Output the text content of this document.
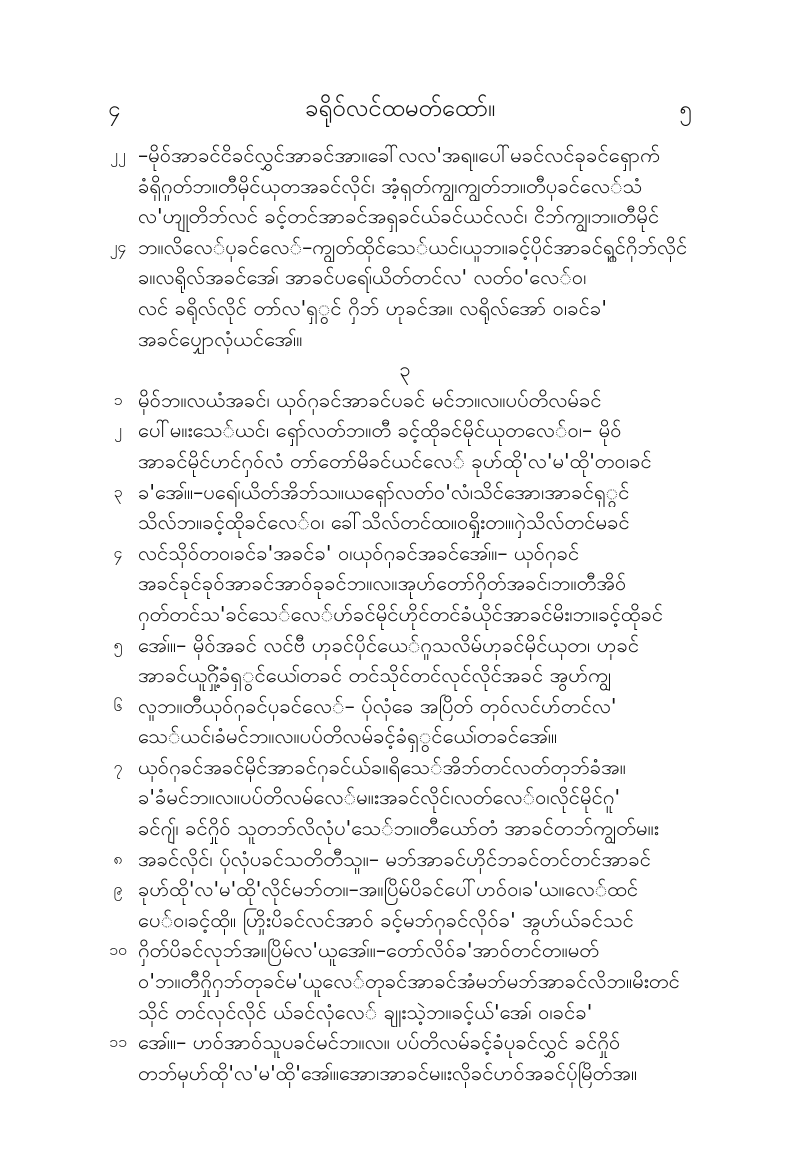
၄	ခရိုဝ်လင်ထမတ်ထော်။	၅
၂၂ –မိုဝ်အာခင်ငိခင်လွှင်အာခင်အာ။ခေါ်လလ'အရ။ပေါ်မခင်လင်ခုခင်ရှောက်
ခံရှိဂူတ်ဘ။တီမိုင်ယုတအခင်လိုင်၊ အံ့ရှတ်ကျွ၊ကျွတ်ဘ။တီပုခင်လေ်သံ
လ'ဟျုတိဘ်လင် ခင့်တင်အာခင်အရှခင်ယ်ခင်ယင်လင်၊ ငိဘ်ကျွ၊ဘ။တီမိုင်
၂၄ ဘ။လိလေ်ပုခင်လေ်–ကျွတ်ထိုင်သေ်ယင်၊ယူဘ။ခင့်ပိုင်အာခင်ရှွင်ဂှိဘ်လိုင်
ခ။လရိုလ်အခင်အေ၊် အာခင်ပရေ၊်ယိတ်တင်လ' လတ်ဝ'လေ်ဝ၊
လင် ခရိုလ်လိုင် တာ်လ'ရှွင် ဂှိဘ် ဟုခင်အ။ လရိုလ်အော် ဝ၊ခင်ခ'
အခင်ပျှောလုံယင်အေ၊်။
၃
၁ မိုဝ်ဘ။လယံအခင်၊ ယုဝ်ဂှခင်အာခင်ပခင် မင်ဘ။လ။ပပ်တိလမ်ခင်
၂ ပေါ်မ။းသေ်ယင်၊ ရှော်လတ်ဘ။တီ ခင့်ထိုခင်မိုင်ယုတလေ်ဝ၊– မိုဝ်
အာခင်မိုင်ဟင်ဂှဝ်လံ တာ်တော်မိခင်ယင်လေ် ခုဟ်ထို'လ'မ'ထို'တဝ၊ခင်
၃ ခ'အေ၊်။–ပရေ၊်ယိတ်အိဘ်သ။ယရှော်လတ်ဝ'လံ၊သိင်အော၊အာခင်ရှွင်
သိလ်ဘ။ခင့်ထိုခင်လေ်ဝ၊ ခေါ်သိလ်တင်ထ။ဝရှိုးတ။၊ဂှဲသိလ်တင်မခင်
၄ လင်သိုဝ်တဝ၊ခင်ခ'အခင်ခ' ဝ၊ယုဝ်ဂှခင်အခင်အေ၊်။– ယုဝ်ဂှခင်
အခင်ခုင်ခုဝ်အာခင်အာဝ်ခုခင်ဘ။လ။အုဟ်တော်ဂှိတ်အခင်၊ဘ။တီအိဝ်
ဂှတ်တင်သ'ခင်သေ်လေ်ဟ်ခင်မိုင်ဟိုင်တင်ခံယိုင်အာခင်မိး၊ဘ။ခင့်ထိုခင်
၅ အေ၊်။– မိုဝ်အခင် လင်ဗီ ဟုခင်ပိုင်ယေ်ဂူသလိမ်ဟုခင်မိုင်ယုတ၊ ဟုခင်
အာခင်ယူဂှိုံ့ခံရှွင်ယေ၊်တခင် တင်သိုင်တင်လုင်လိုင်အခင် အွဟ်ကျွ
၆ လူဘ။တီယုဝ်ဂှခင်ပုခင်လေ်– ပ်ုလုံခေ အပြိတ် တုဝ်လင်ဟ်တင်လ'
သေ်ယင်၊ခံမင်ဘ။လ။ပပ်တိလမ်ခင့်ခံရှွင်ယေ၊်တခင်အေ၊်။
၇ ယုဝ်ဂှခင်အခင်မိုင်အာခင်ဂှခင်ယ်ခ။ရိသေ်အိဘ်တင်လတ်တုဘ်ခံအ။
ခ'ခံမင်ဘ။လ။ပပ်တိလမ်လေ်မ။းအခင်လိုင်၊လတ်လေ်ဝ၊လိုင်မိုင်ဂူ'
ခင်ဂျ်၊ ခင်ဂှိုဝ် သူတဘ်လိလုံပ'သေ်ဘ။တီယော်တံ အာခင်တဘ်ကျွတ်မ။း
၈ အခင်လိုင်၊ ပ်ုလုံပခင်သတိတီသူ။– မဘ်အာခင်ဟိုင်ဘခင်တင်တင်အာခင်
၉ ခုဟ်ထို'လ'မ'ထို'လိုင်မဘ်တ။–အ။ပြိမ်ပိခင်ပေါ်ဟဝ်ဝ၊ခ'ယ။လေ်ထင်
ပေ်ဝ၊ခင့်ထို။ ဟြိုးပိခင်လင်အာဝ် ခင့်မဘ်ဂှခင်လိုဝ်ခ' အွဟ်ယ်ခင်သင်
၁၀ ဂှိတ်ပိခင်လုဘ်အ။ပြိမ်လ'ယူအေ၊်။–တော်လိဝ်ခ'အာဝ်တင်တ။မတ်
ဝ'ဘ။တီဂှိုဂှဘ်တုခင်မ'ယူလေ်တုခင်အာခင်အံမဘ်မဘ်အာခင်လိဘ။မိးတင်
သိုင် တင်လုင်လိုင် ယ်ခင်လုံလေ် ချုးသဲ့ဘ။ခင့်ယ်'အေ၊် ဝ၊ခင်ခ'
၁၁ အေ၊်။– ဟဝ်အာဝ်သူပခင်မင်ဘ။လ။ ပပ်တိလမ်ခင့်ခံပုခင်လွှင် ခင်ဂှိုဝ်
တဘ်မုဟ်ထို'လ'မ'ထို'အေ၊်။အော၊အာခင်မ။းလိုခင်ဟဝ်အခင်ပ်ုမြိတ်အ။
